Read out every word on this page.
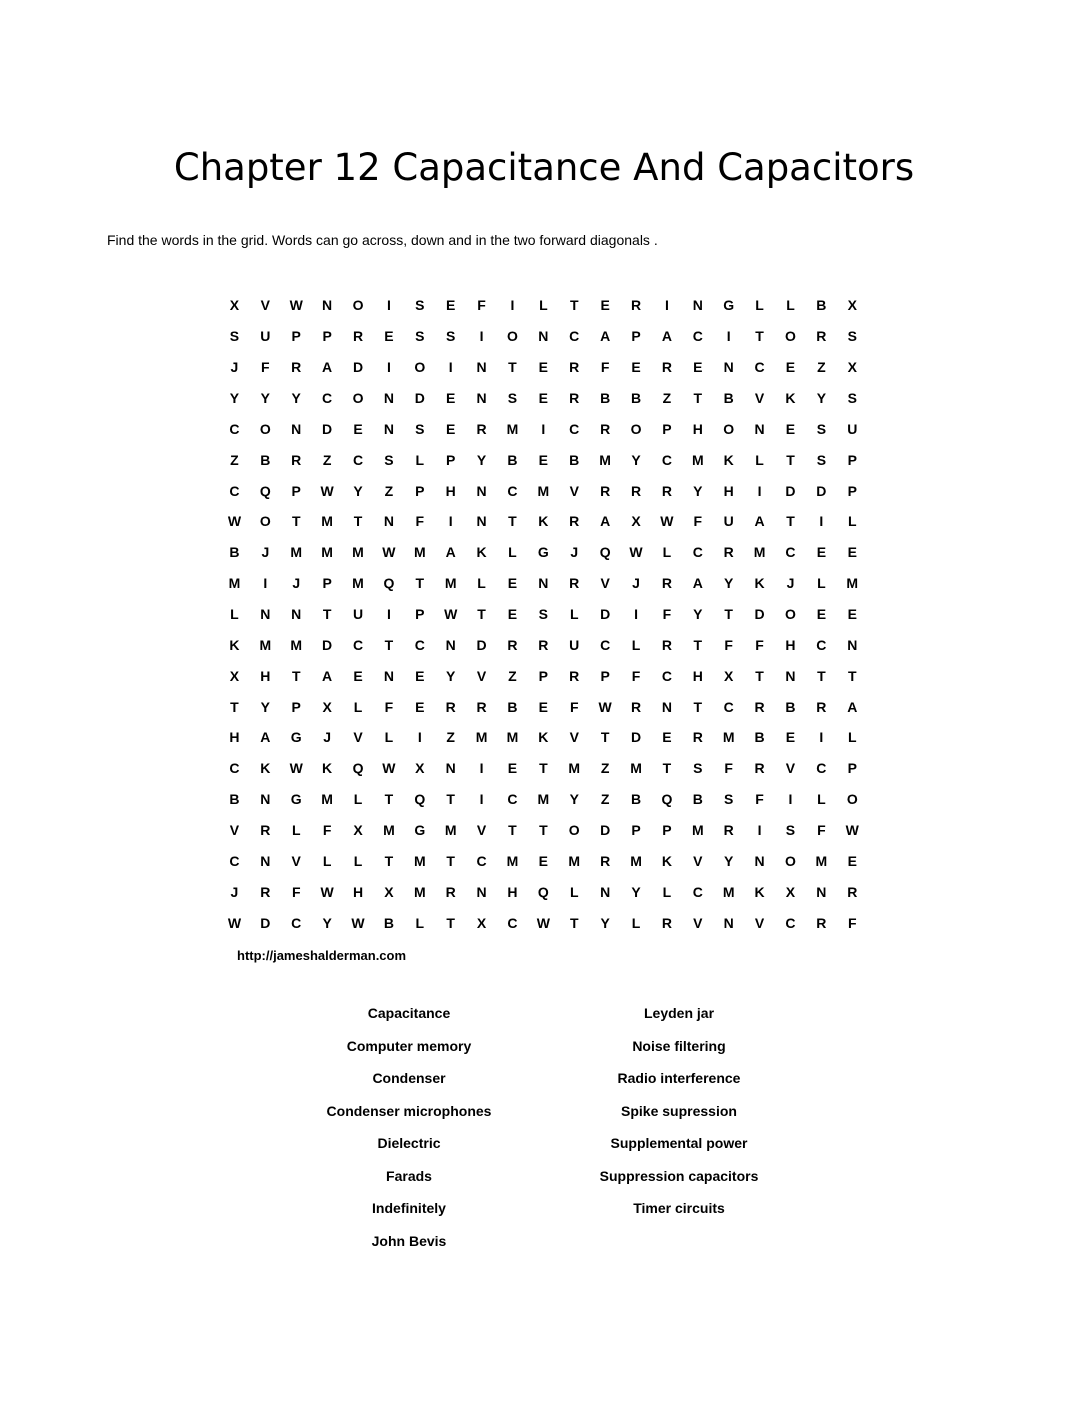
Chapter 12 Capacitance And Capacitors
Find the words in the grid. Words can go across, down and in the two forward diagonals .
X	V	W	N	O	I	S	E	F	I	L	T	E	R	I	N	G	L	L	B	X
S	U	P	P	R	E	S	S	I	O	N	C	A	P	A	C	I	T	O	R	S
J	F	R	A	D	I	O	I	N	T	E	R	F	E	R	E	N	C	E	Z	X
Y	Y	Y	C	O	N	D	E	N	S	E	R	B	B	Z	T	B	V	K	Y	S
C	O	N	D	E	N	S	E	R	M	I	C	R	O	P	H	O	N	E	S	U
Z	B	R	Z	C	S	L	P	Y	B	E	B	M	Y	C	M	K	L	T	S	P
C	Q	P	W	Y	Z	P	H	N	C	M	V	R	R	R	Y	H	I	D	D	P
W	O	T	M	T	N	F	I	N	T	K	R	A	X	W	F	U	A	T	I	L
B	J	M	M	M	W	M	A	K	L	G	J	Q	W	L	C	R	M	C	E	E
M	I	J	P	M	Q	T	M	L	E	N	R	V	J	R	A	Y	K	J	L	M
L	N	N	T	U	I	P	W	T	E	S	L	D	I	F	Y	T	D	O	E	E
K	M	M	D	C	T	C	N	D	R	R	U	C	L	R	T	F	F	H	C	N
X	H	T	A	E	N	E	Y	V	Z	P	R	P	F	C	H	X	T	N	T	T
T	Y	P	X	L	F	E	R	R	B	E	F	W	R	N	T	C	R	B	R	A
H	A	G	J	V	L	I	Z	M	M	K	V	T	D	E	R	M	B	E	I	L
C	K	W	K	Q	W	X	N	I	E	T	M	Z	M	T	S	F	R	V	C	P
B	N	G	M	L	T	Q	T	I	C	M	Y	Z	B	Q	B	S	F	I	L	O
V	R	L	F	X	M	G	M	V	T	T	O	D	P	P	M	R	I	S	F	W
C	N	V	L	L	T	M	T	C	M	E	M	R	M	K	V	Y	N	O	M	E
J	R	F	W	H	X	M	R	N	H	Q	L	N	Y	L	C	M	K	X	N	R
W	D	C	Y	W	B	L	T	X	C	W	T	Y	L	R	V	N	V	C	R	F
http://jameshalderman.com
Capacitance
Computer memory
Condenser
Condenser microphones
Dielectric
Farads
Indefinitely
John Bevis
Leyden jar
Noise filtering
Radio interference
Spike supression
Supplemental power
Suppression capacitors
Timer circuits
